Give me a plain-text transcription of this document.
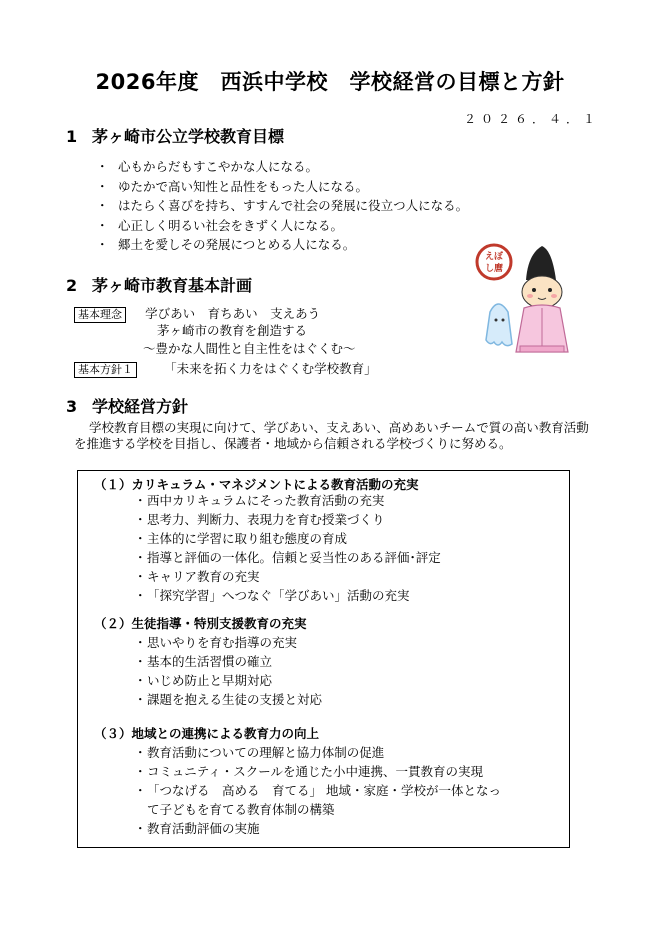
2026年度　西浜中学校　学校経営の目標と方針
２０２６．４．１
1 茅ヶ崎市公立学校教育目標
・ 心もからだもすこやかな人になる。
・ ゆたかで高い知性と品性をもった人になる。
・ はたらく喜びを持ち、すすんで社会の発展に役立つ人になる。
・ 心正しく明るい社会をきずく人になる。
・ 郷土を愛しその発展につとめる人になる。
2 茅ヶ崎市教育基本計画
基本理念 学びあい　育ちあい　支えあう
茅ヶ崎市の教育を創造する
～豊かな人間性と自主性をはぐくむ～
基本方針１ 「未来を拓く力をはぐくむ学校教育」
えぼ
し麿
3 学校経営方針

学校教育目標の実現に向けて、学びあい、支えあい、高めあいチームで質の高い教育活動を推進する学校を目指し、保護者・地域から信頼される学校づくりに努める。

（１）カリキュラム・マネジメントによる教育活動の充実
・ 西中カリキュラムにそった教育活動の充実
・ 思考力、判断力、表現力を育む授業づくり
・ 主体的に学習に取り組む態度の育成
・ 指導と評価の一体化。信頼と妥当性のある評価･評定
・ キャリア教育の充実
・ 「探究学習」へつなぐ「学びあい」活動の充実
（２）生徒指導・特別支援教育の充実
・ 思いやりを育む指導の充実
・ 基本的生活習慣の確立
・ いじめ防止と早期対応
・ 課題を抱える生徒の支援と対応
（３）地域との連携による教育力の向上
・ 教育活動についての理解と協力体制の促進
・ コミュニティ・スクールを通じた小中連携、一貫教育の実現
・ 「つなげる　高める　育てる」 地域・家庭・学校が一体となっ
て子どもを育てる教育体制の構築
・ 教育活動評価の実施
